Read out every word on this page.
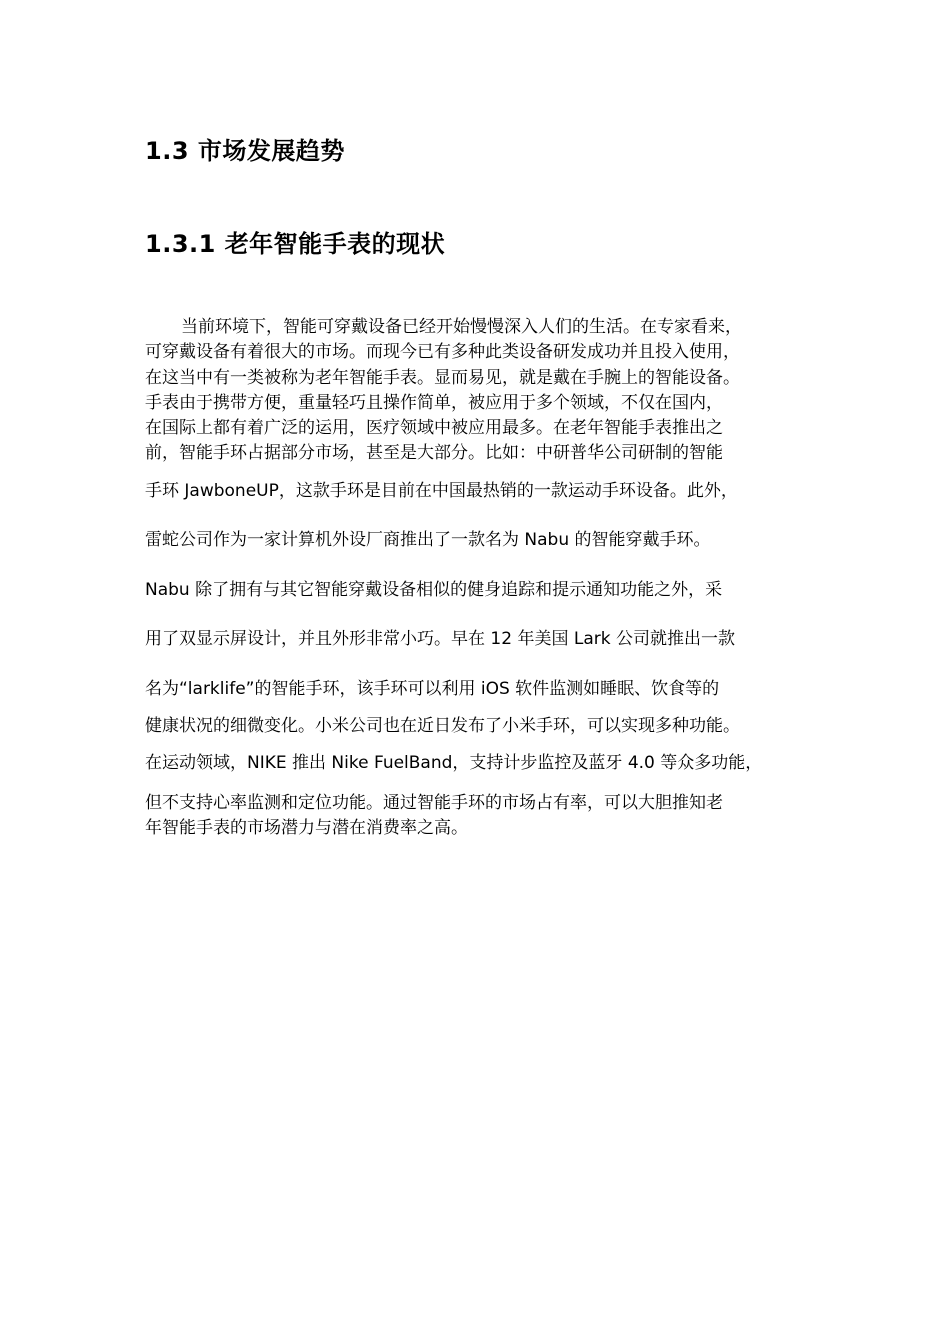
1.3 市场发展趋势
1.3.1 老年智能手表的现状
当前环境下，智能可穿戴设备已经开始慢慢深入人们的生活。在专家看来，
可穿戴设备有着很大的市场。而现今已有多种此类设备研发成功并且投入使用，
在这当中有一类被称为老年智能手表。显而易见，就是戴在手腕上的智能设备。
手表由于携带方便，重量轻巧且操作简单，被应用于多个领域，不仅在国内，
在国际上都有着广泛的运用，医疗领域中被应用最多。在老年智能手表推出之
前，智能手环占据部分市场，甚至是大部分。比如：中研普华公司研制的智能
手环 JawboneUP，这款手环是目前在中国最热销的一款运动手环设备。此外，
雷蛇公司作为一家计算机外设厂商推出了一款名为 Nabu 的智能穿戴手环。
Nabu 除了拥有与其它智能穿戴设备相似的健身追踪和提示通知功能之外，采
用了双显示屏设计，并且外形非常小巧。早在 12 年美国 Lark 公司就推出一款
名为“larklife”的智能手环，该手环可以利用 iOS 软件监测如睡眠、饮食等的
健康状况的细微变化。小米公司也在近日发布了小米手环，可以实现多种功能。
在运动领域，NIKE 推出 Nike FuelBand，支持计步监控及蓝牙 4.0 等众多功能，
但不支持心率监测和定位功能。通过智能手环的市场占有率，可以大胆推知老
年智能手表的市场潜力与潜在消费率之高。
